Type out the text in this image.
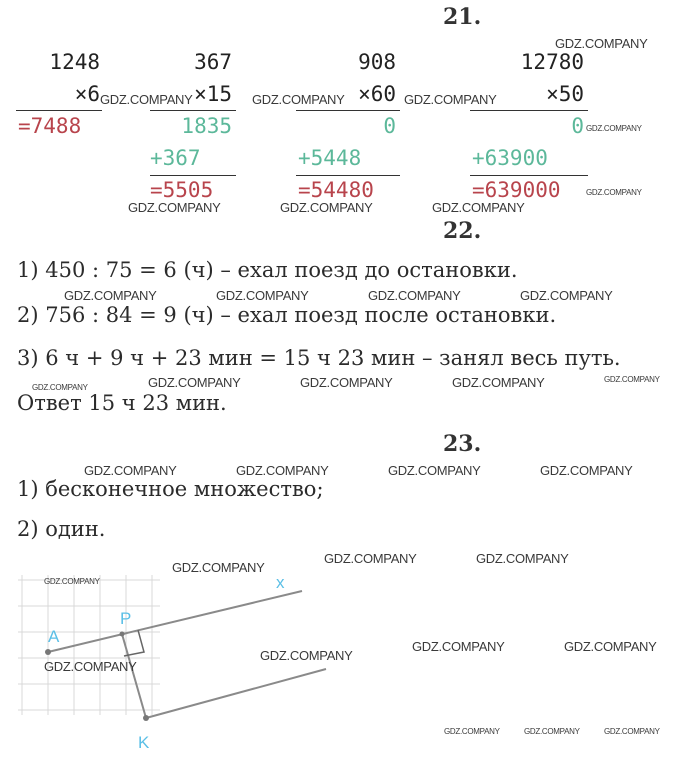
21.
1248
×6
=7488
367
×15
1835
+367
=5505
908
×60
0
+5448
=54480
12780
×50
0
+63900
=639000
22.
1) 450 : 75 = 6 (ч) – ехал поезд до остановки.
2) 756 : 84 = 9 (ч) – ехал поезд после остановки.
3) 6 ч + 9 ч + 23 мин = 15 ч 23 мин – занял весь путь.
Ответ 15 ч 23 мин.
23.
1) бесконечное множество;
2) один.
A
P
K
x
GDZ.COMPANY
GDZ.COMPANY	GDZ.COMPANY	GDZ.COMPANY
GDZ.COMPANY
GDZ.COMPANY
GDZ.COMPANY	GDZ.COMPANY	GDZ.COMPANY
GDZ.COMPANY	GDZ.COMPANY	GDZ.COMPANY	GDZ.COMPANY
GDZ.COMPANY	GDZ.COMPANY	GDZ.COMPANY	GDZ.COMPANY	GDZ.COMPANY
GDZ.COMPANY	GDZ.COMPANY	GDZ.COMPANY	GDZ.COMPANY
GDZ.COMPANY	GDZ.COMPANY
GDZ.COMPANY
GDZ.COMPANY
GDZ.COMPANY	GDZ.COMPANY
GDZ.COMPANY
GDZ.COMPANY
GDZ.COMPANY	GDZ.COMPANY	GDZ.COMPANY
